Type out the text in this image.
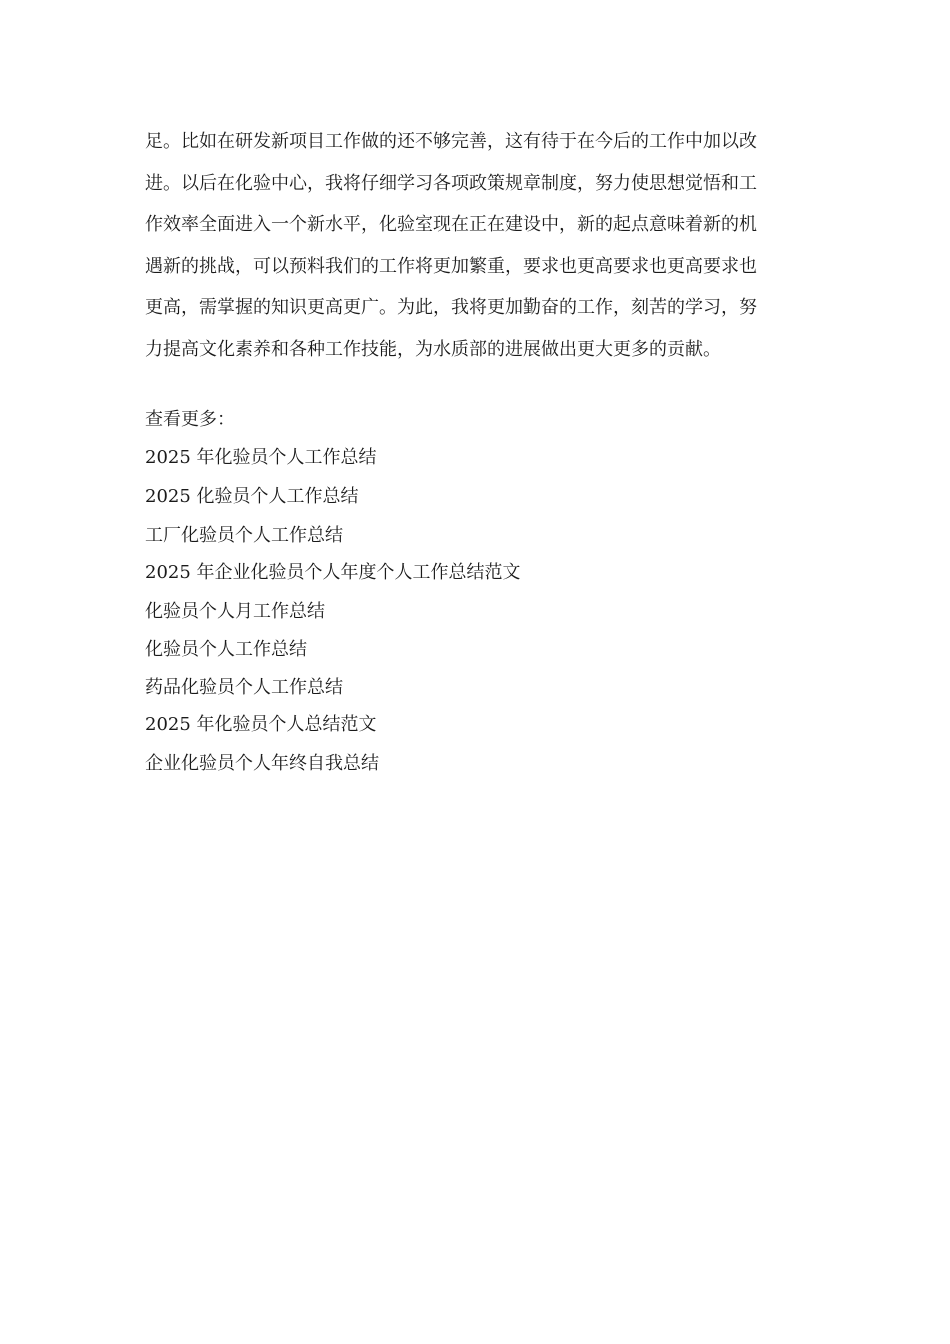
足。比如在研发新项目工作做的还不够完善，这有待于在今后的工作中加以改
进。以后在化验中心，我将仔细学习各项政策规章制度，努力使思想觉悟和工
作效率全面进入一个新水平，化验室现在正在建设中，新的起点意味着新的机
遇新的挑战，可以预料我们的工作将更加繁重，要求也更高要求也更高要求也
更高，需掌握的知识更高更广。为此，我将更加勤奋的工作，刻苦的学习，努
力提高文化素养和各种工作技能，为水质部的进展做出更大更多的贡献。

查看更多：
2025 年化验员个人工作总结
2025 化验员个人工作总结
工厂化验员个人工作总结
2025 年企业化验员个人年度个人工作总结范文
化验员个人月工作总结
化验员个人工作总结
药品化验员个人工作总结
2025 年化验员个人总结范文
企业化验员个人年终自我总结
